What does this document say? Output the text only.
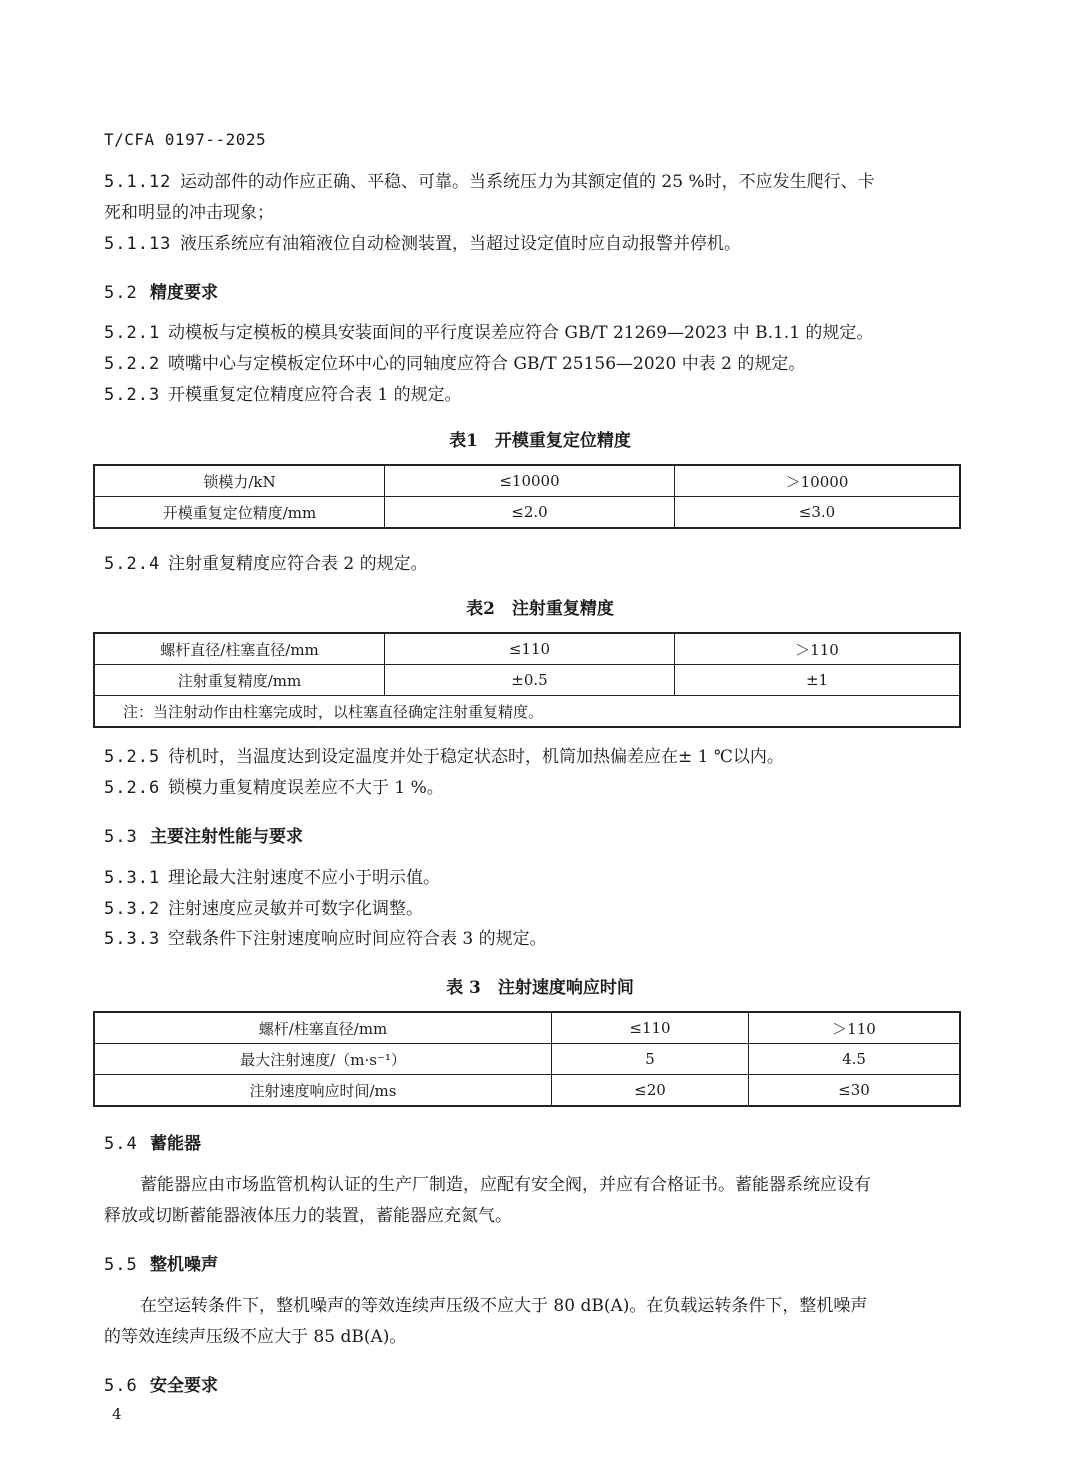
T/CFA 0197--2025
5.1.12 运动部件的动作应正确、平稳、可靠。当系统压力为其额定值的 25 %时，不应发生爬行、卡
死和明显的冲击现象；
5.1.13 液压系统应有油箱液位自动检测装置，当超过设定值时应自动报警并停机。
5.2 精度要求
5.2.1 动模板与定模板的模具安装面间的平行度误差应符合 GB/T 21269—2023 中 B.1.1 的规定。
5.2.2 喷嘴中心与定模板定位环中心的同轴度应符合 GB/T 25156—2020 中表 2 的规定。
5.2.3 开模重复定位精度应符合表 1 的规定。
表1　开模重复定位精度
锁模力/kN	≤10000	＞10000
开模重复定位精度/mm	≤2.0	≤3.0
5.2.4 注射重复精度应符合表 2 的规定。
表2　注射重复精度
螺杆直径/柱塞直径/mm	≤110	＞110
注射重复精度/mm	±0.5	±1
注：当注射动作由柱塞完成时，以柱塞直径确定注射重复精度。		
5.2.5 待机时，当温度达到设定温度并处于稳定状态时，机筒加热偏差应在± 1 ℃以内。
5.2.6 锁模力重复精度误差应不大于 1 %。
5.3 主要注射性能与要求
5.3.1 理论最大注射速度不应小于明示值。
5.3.2 注射速度应灵敏并可数字化调整。
5.3.3 空载条件下注射速度响应时间应符合表 3 的规定。
表 3　注射速度响应时间
螺杆/柱塞直径/mm	≤110	＞110
最大注射速度/（m·s⁻¹）	5	4.5
注射速度响应时间/ms	≤20	≤30
5.4 蓄能器
蓄能器应由市场监管机构认证的生产厂制造，应配有安全阀，并应有合格证书。蓄能器系统应设有
释放或切断蓄能器液体压力的装置，蓄能器应充氮气。
5.5 整机噪声
在空运转条件下，整机噪声的等效连续声压级不应大于 80 dB(A)。在负载运转条件下，整机噪声
的等效连续声压级不应大于 85 dB(A)。
5.6 安全要求
4
